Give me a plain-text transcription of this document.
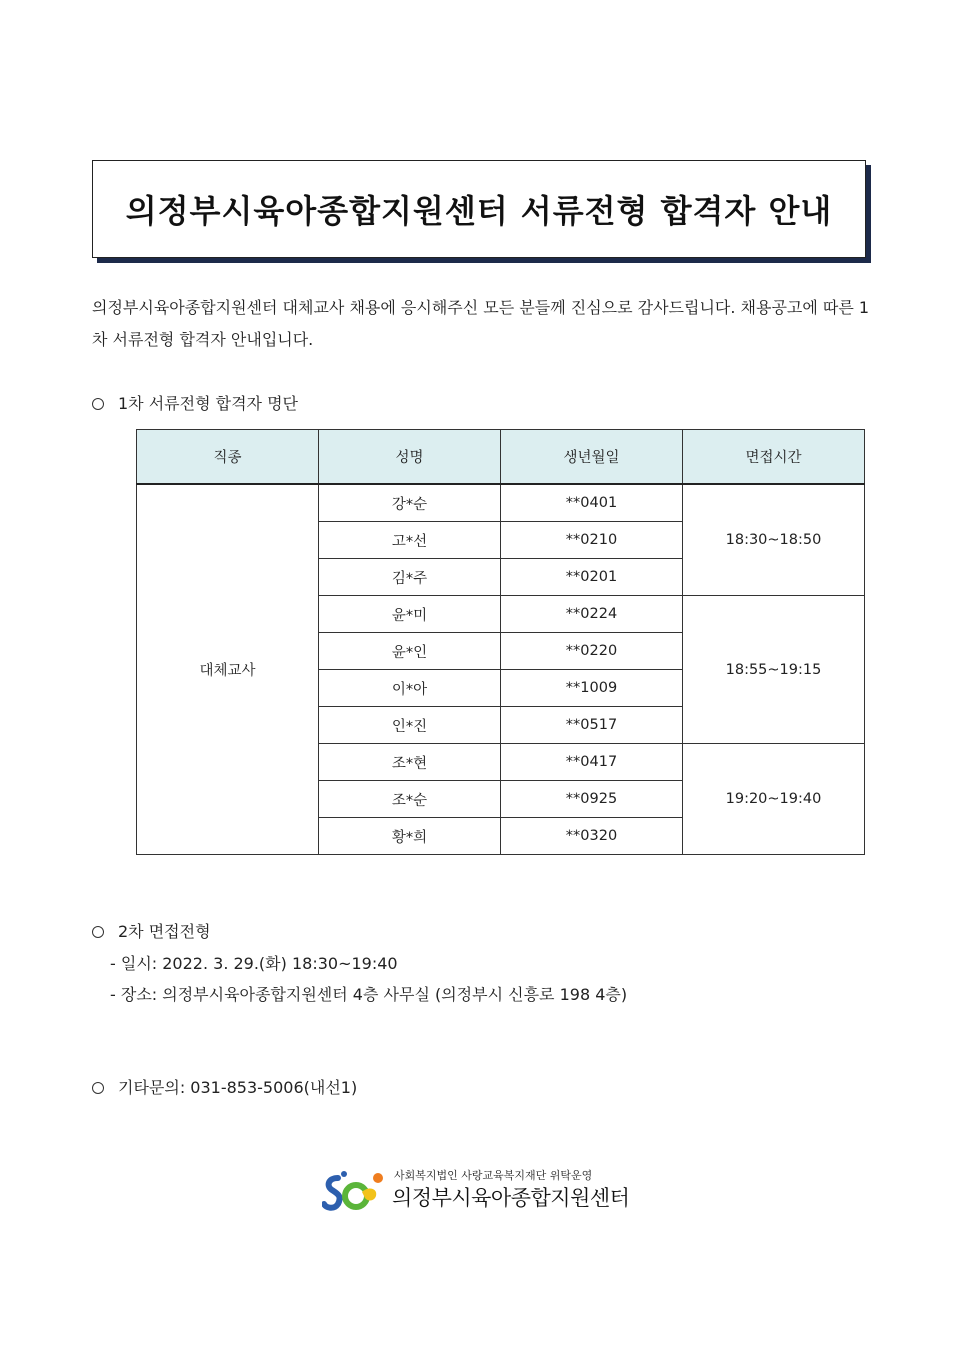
의정부시육아종합지원센터 서류전형 합격자 안내
의정부시육아종합지원센터 대체교사 채용에 응시해주신 모든 분들께 진심으로 감사드립니다. 채용공고에 따른 1차 서류전형 합격자 안내입니다.
1차 서류전형 합격자 명단
직종	성명	생년월일	면접시간
대체교사	강*순	**0401	18:30~18:50
	고*선	**0210	
	김*주	**0201	
	윤*미	**0224	18:55~19:15
	윤*인	**0220	
	이*아	**1009	
	인*진	**0517	
	조*현	**0417	19:20~19:40
	조*순	**0925	
	황*희	**0320	
2차 면접전형
- 일시: 2022. 3. 29.(화) 18:30~19:40
- 장소: 의정부시육아종합지원센터 4층 사무실 (의정부시 신흥로 198 4층)
기타문의: 031-853-5006(내선1)
사회복지법인 사랑교육복지재단 위탁운영
의정부시육아종합지원센터
